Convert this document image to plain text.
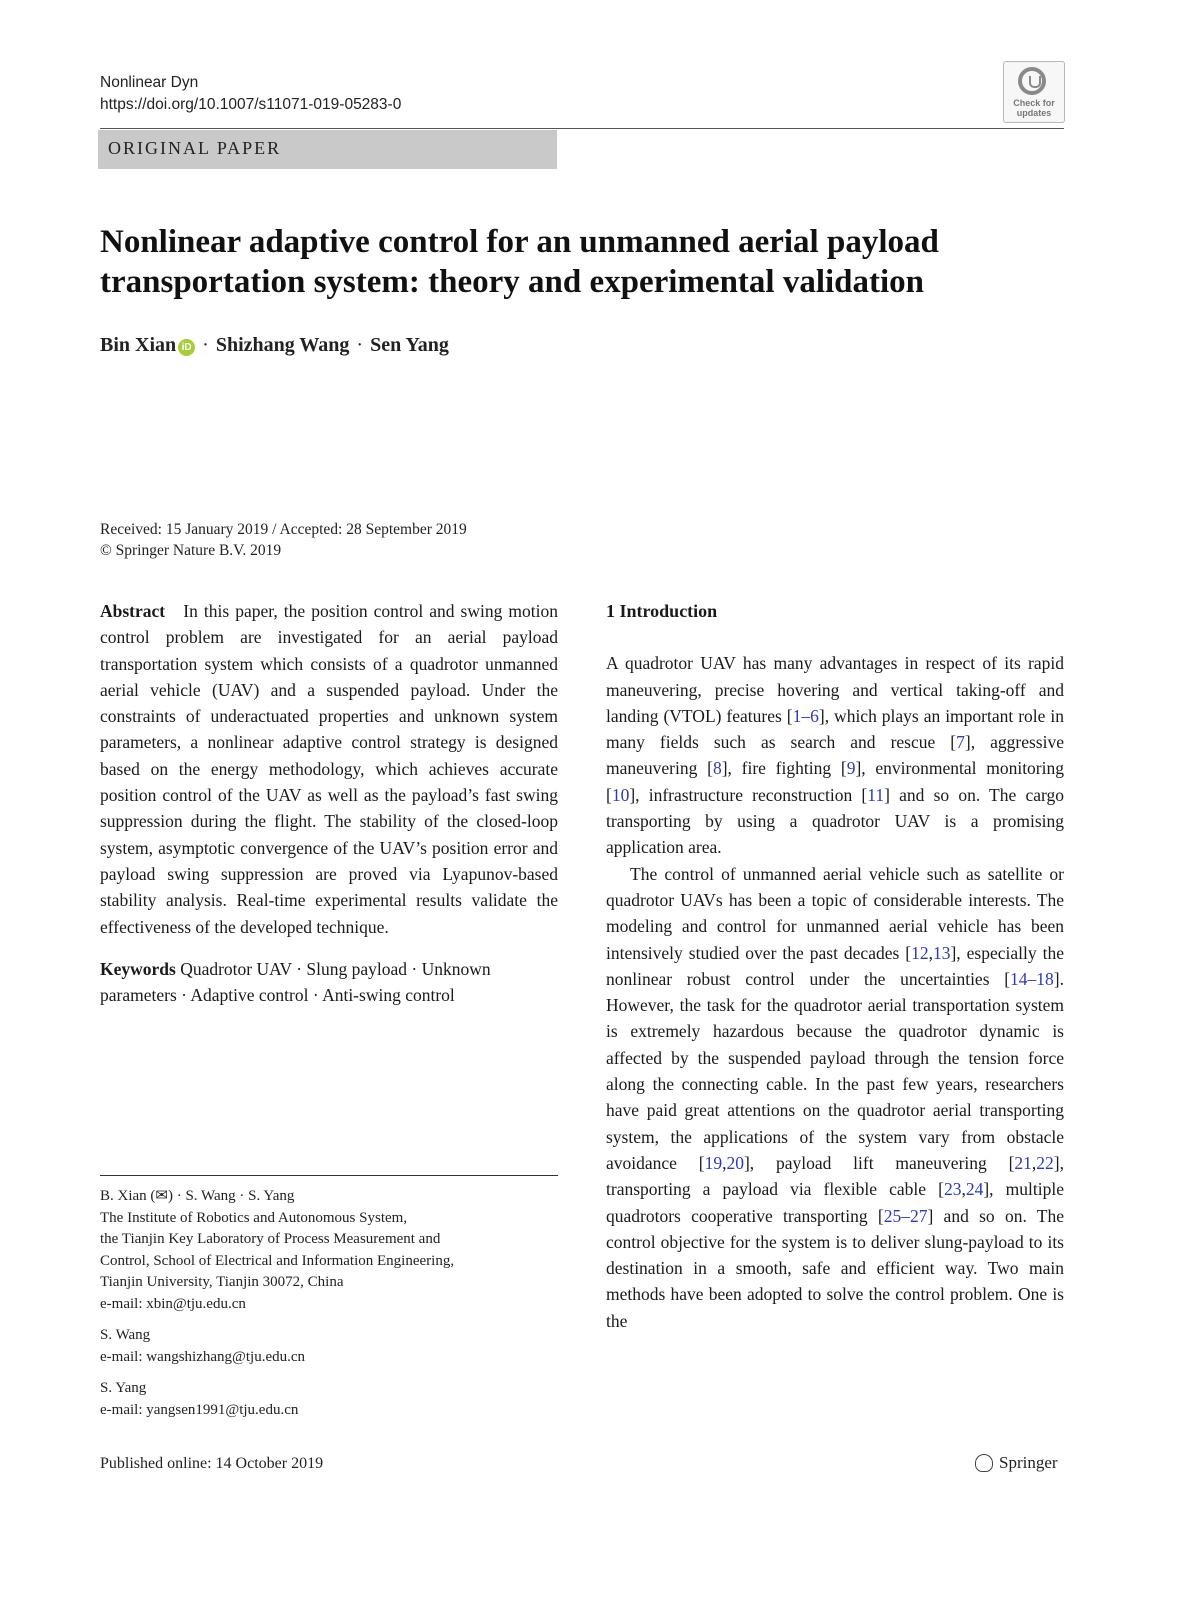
Nonlinear Dyn
https://doi.org/10.1007/s11071-019-05283-0	Check for updates
ORIGINAL PAPER
Nonlinear adaptive control for an unmanned aerial payload transportation system: theory and experimental validation
Bin Xian iD · Shizhang Wang · Sen Yang
Received: 15 January 2019 / Accepted: 28 September 2019
© Springer Nature B.V. 2019

Abstract In this paper, the position control and swing motion control problem are investigated for an aerial payload transportation system which consists of a quadrotor unmanned aerial vehicle (UAV) and a suspended payload. Under the constraints of underactuated properties and unknown system parameters, a nonlinear adaptive control strategy is designed based on the energy methodology, which achieves accurate position control of the UAV as well as the payload’s fast swing suppression during the flight. The stability of the closed-loop system, asymptotic convergence of the UAV’s position error and payload swing suppression are proved via Lyapunov-based stability analysis. Real-time experimental results validate the effectiveness of the developed technique.

Keywords Quadrotor UAV · Slung payload · Unknown parameters · Adaptive control · Anti-swing control

B. Xian (✉) · S. Wang · S. Yang
The Institute of Robotics and Autonomous System,
the Tianjin Key Laboratory of Process Measurement and
Control, School of Electrical and Information Engineering,
Tianjin University, Tianjin 30072, China
e-mail: xbin@tju.edu.cn
S. Wang
e-mail: wangshizhang@tju.edu.cn
S. Yang
e-mail: yangsen1991@tju.edu.cn

1 Introduction

A quadrotor UAV has many advantages in respect of its rapid maneuvering, precise hovering and vertical taking-off and landing (VTOL) features [1–6], which plays an important role in many fields such as search and rescue [7], aggressive maneuvering [8], fire fighting [9], environmental monitoring [10], infrastructure reconstruction [11] and so on. The cargo transporting by using a quadrotor UAV is a promising application area.

The control of unmanned aerial vehicle such as satellite or quadrotor UAVs has been a topic of considerable interests. The modeling and control for unmanned aerial vehicle has been intensively studied over the past decades [12,13], especially the nonlinear robust control under the uncertainties [14–18]. However, the task for the quadrotor aerial transportation system is extremely hazardous because the quadrotor dynamic is affected by the suspended payload through the tension force along the connecting cable. In the past few years, researchers have paid great attentions on the quadrotor aerial transporting system, the applications of the system vary from obstacle avoidance [19,20], payload lift maneuvering [21,22], transporting a payload via flexible cable [23,24], multiple quadrotors cooperative transporting [25–27] and so on. The control objective for the system is to deliver slung-payload to its destination in a smooth, safe and efficient way. Two main methods have been adopted to solve the control problem. One is the

Published online: 14 October 2019	Springer
